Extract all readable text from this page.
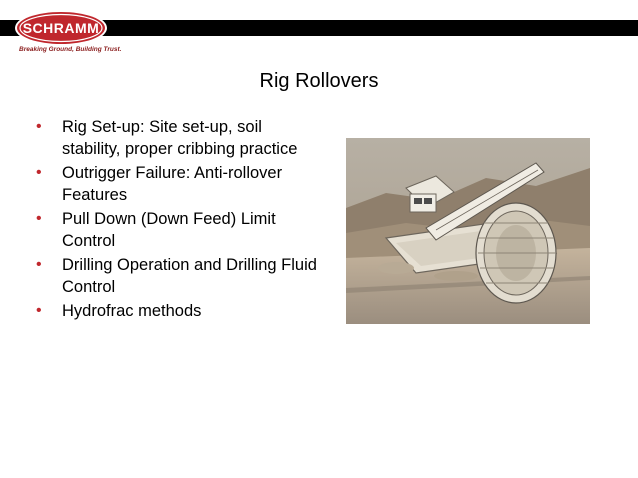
SCHRAMM
Breaking Ground, Building Trust.
Rig Rollovers
• Rig Set-up: Site set-up, soil stability, proper cribbing practice
• Outrigger Failure: Anti-rollover Features
• Pull Down (Down Feed) Limit Control
• Drilling Operation and Drilling Fluid Control
• Hydrofrac methods
